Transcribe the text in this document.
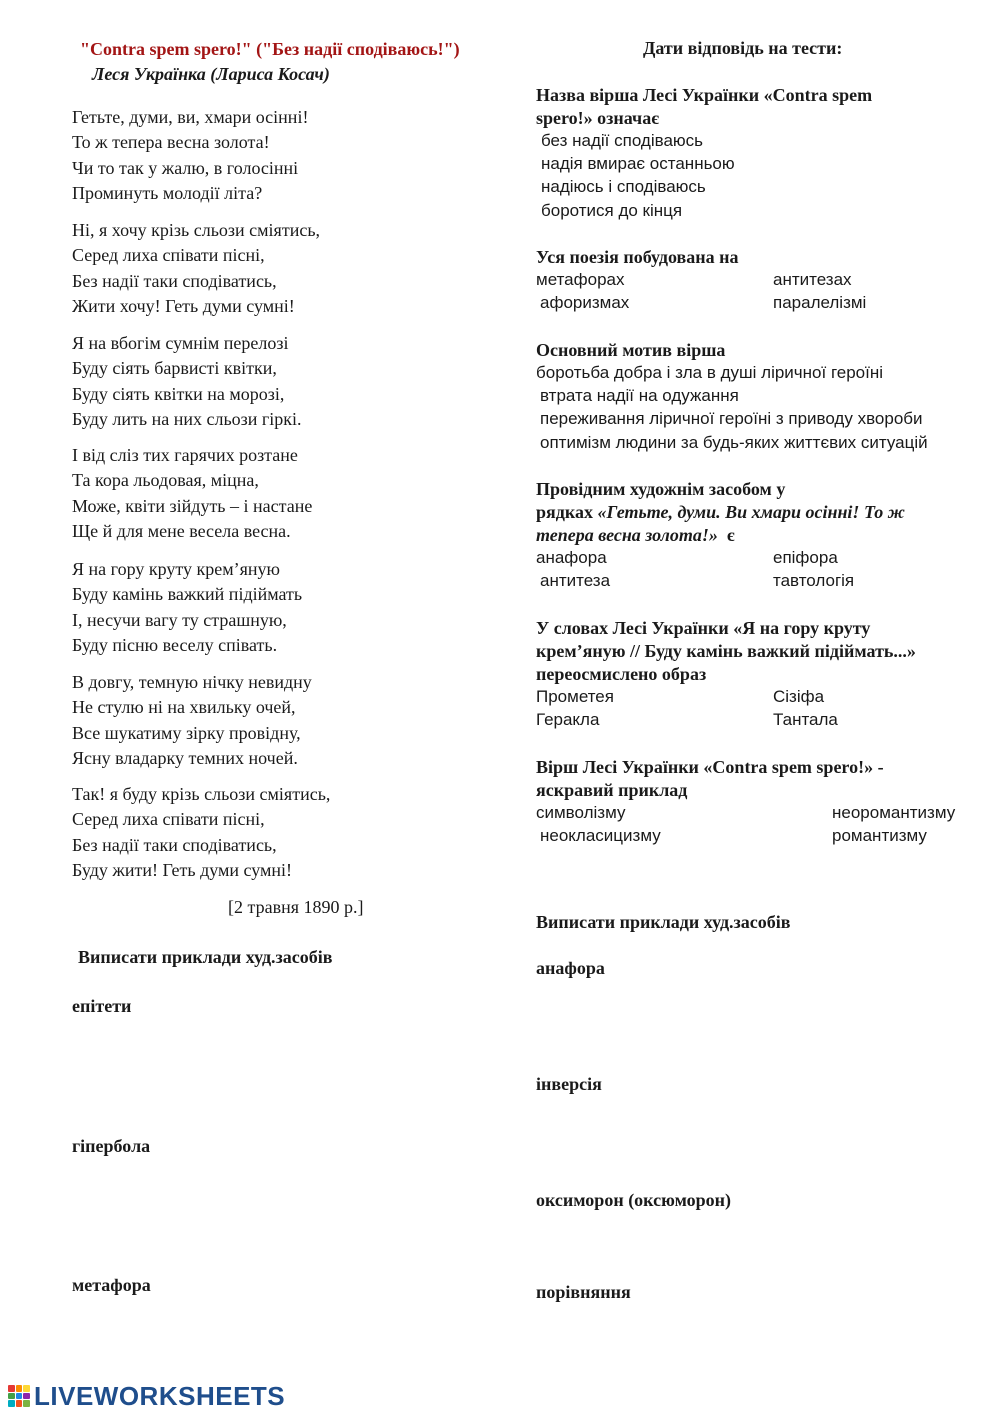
"Contra spem spero!" ("Без надії сподіваюсь!")
Леся Українка (Лариса Косач)
Гетьте, думи, ви, хмари осінні!
То ж тепера весна золота!
Чи то так у жалю, в голосінні
Проминуть молодії літа?
Ні, я хочу крізь сльози сміятись,
Серед лиха співати пісні,
Без надії таки сподіватись,
Жити хочу! Геть думи сумні!
Я на вбогім сумнім перелозі
Буду сіять барвисті квітки,
Буду сіять квітки на морозі,
Буду лить на них сльози гіркі.
І від сліз тих гарячих розтане
Та кора льодовая, міцна,
Може, квіти зійдуть – і настане
Ще й для мене весела весна.
Я на гору круту крем’яную
Буду камінь важкий підіймать
І, несучи вагу ту страшную,
Буду пісню веселу співать.
В довгу, темную нічку невидну
Не стулю ні на хвильку очей,
Все шукатиму зірку провідну,
Ясну владарку темних ночей.
Так! я буду крізь сльози сміятись,
Серед лиха співати пісні,
Без надії таки сподіватись,
Буду жити! Геть думи сумні!
[2 травня 1890 р.]
Виписати приклади худ.засобів
епітети
гіпербола
метафора
Дати відповідь на тести:
Назва вірша Лесі Українки «Contra spem
spero!» означає
без надії сподіваюсь
надія вмирає останньою
надіюсь і сподіваюсь
боротися до кінця
Уся поезія побудована на
метафорах	антитезах
афоризмах	паралелізмі
Основний мотив вірша
боротьба добра і зла в душі ліричної героїні
втрата надії на одужання
переживання ліричної героїні з приводу хвороби
оптимізм людини за будь-яких життєвих ситуацій
Провідним художнім засобом у
рядках «Гетьте, думи. Ви хмари осінні! То ж
тепера весна золота!»  є
анафора	епіфора
антитеза	тавтологія
У словах Лесі Українки «Я на гору круту
крем’яную // Буду камінь важкий підіймать...»
переосмислено образ
Прометея	Сізіфа
Геракла	Тантала
Вірш Лесі Українки «Contra spem spero!» -
яскравий приклад
символізму	неоромантизму
неокласицизму	романтизму
Виписати приклади худ.засобів
анафора
інверсія
оксиморон (оксюморон)
порівняння
LIVEWORKSHEETS
